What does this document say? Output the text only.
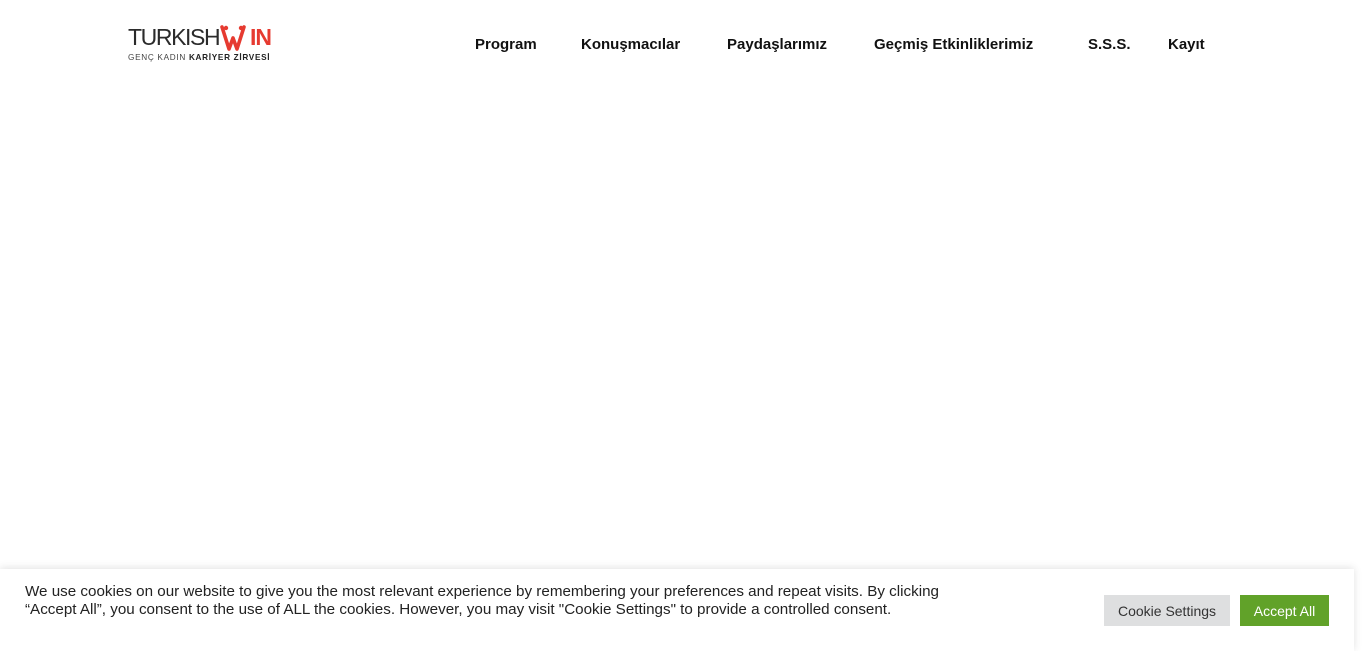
TURKISH IN
GENÇ KADIN KARİYER ZİRVESİ
Program	Konuşmacılar	Paydaşlarımız	Geçmiş Etkinliklerimiz	S.S.S. Kayıt
We use cookies on our website to give you the most relevant experience by remembering your preferences and repeat visits. By clicking “Accept All”, you consent to the use of ALL the cookies. However, you may visit "Cookie Settings" to provide a controlled consent.	Cookie Settings	Accept All
